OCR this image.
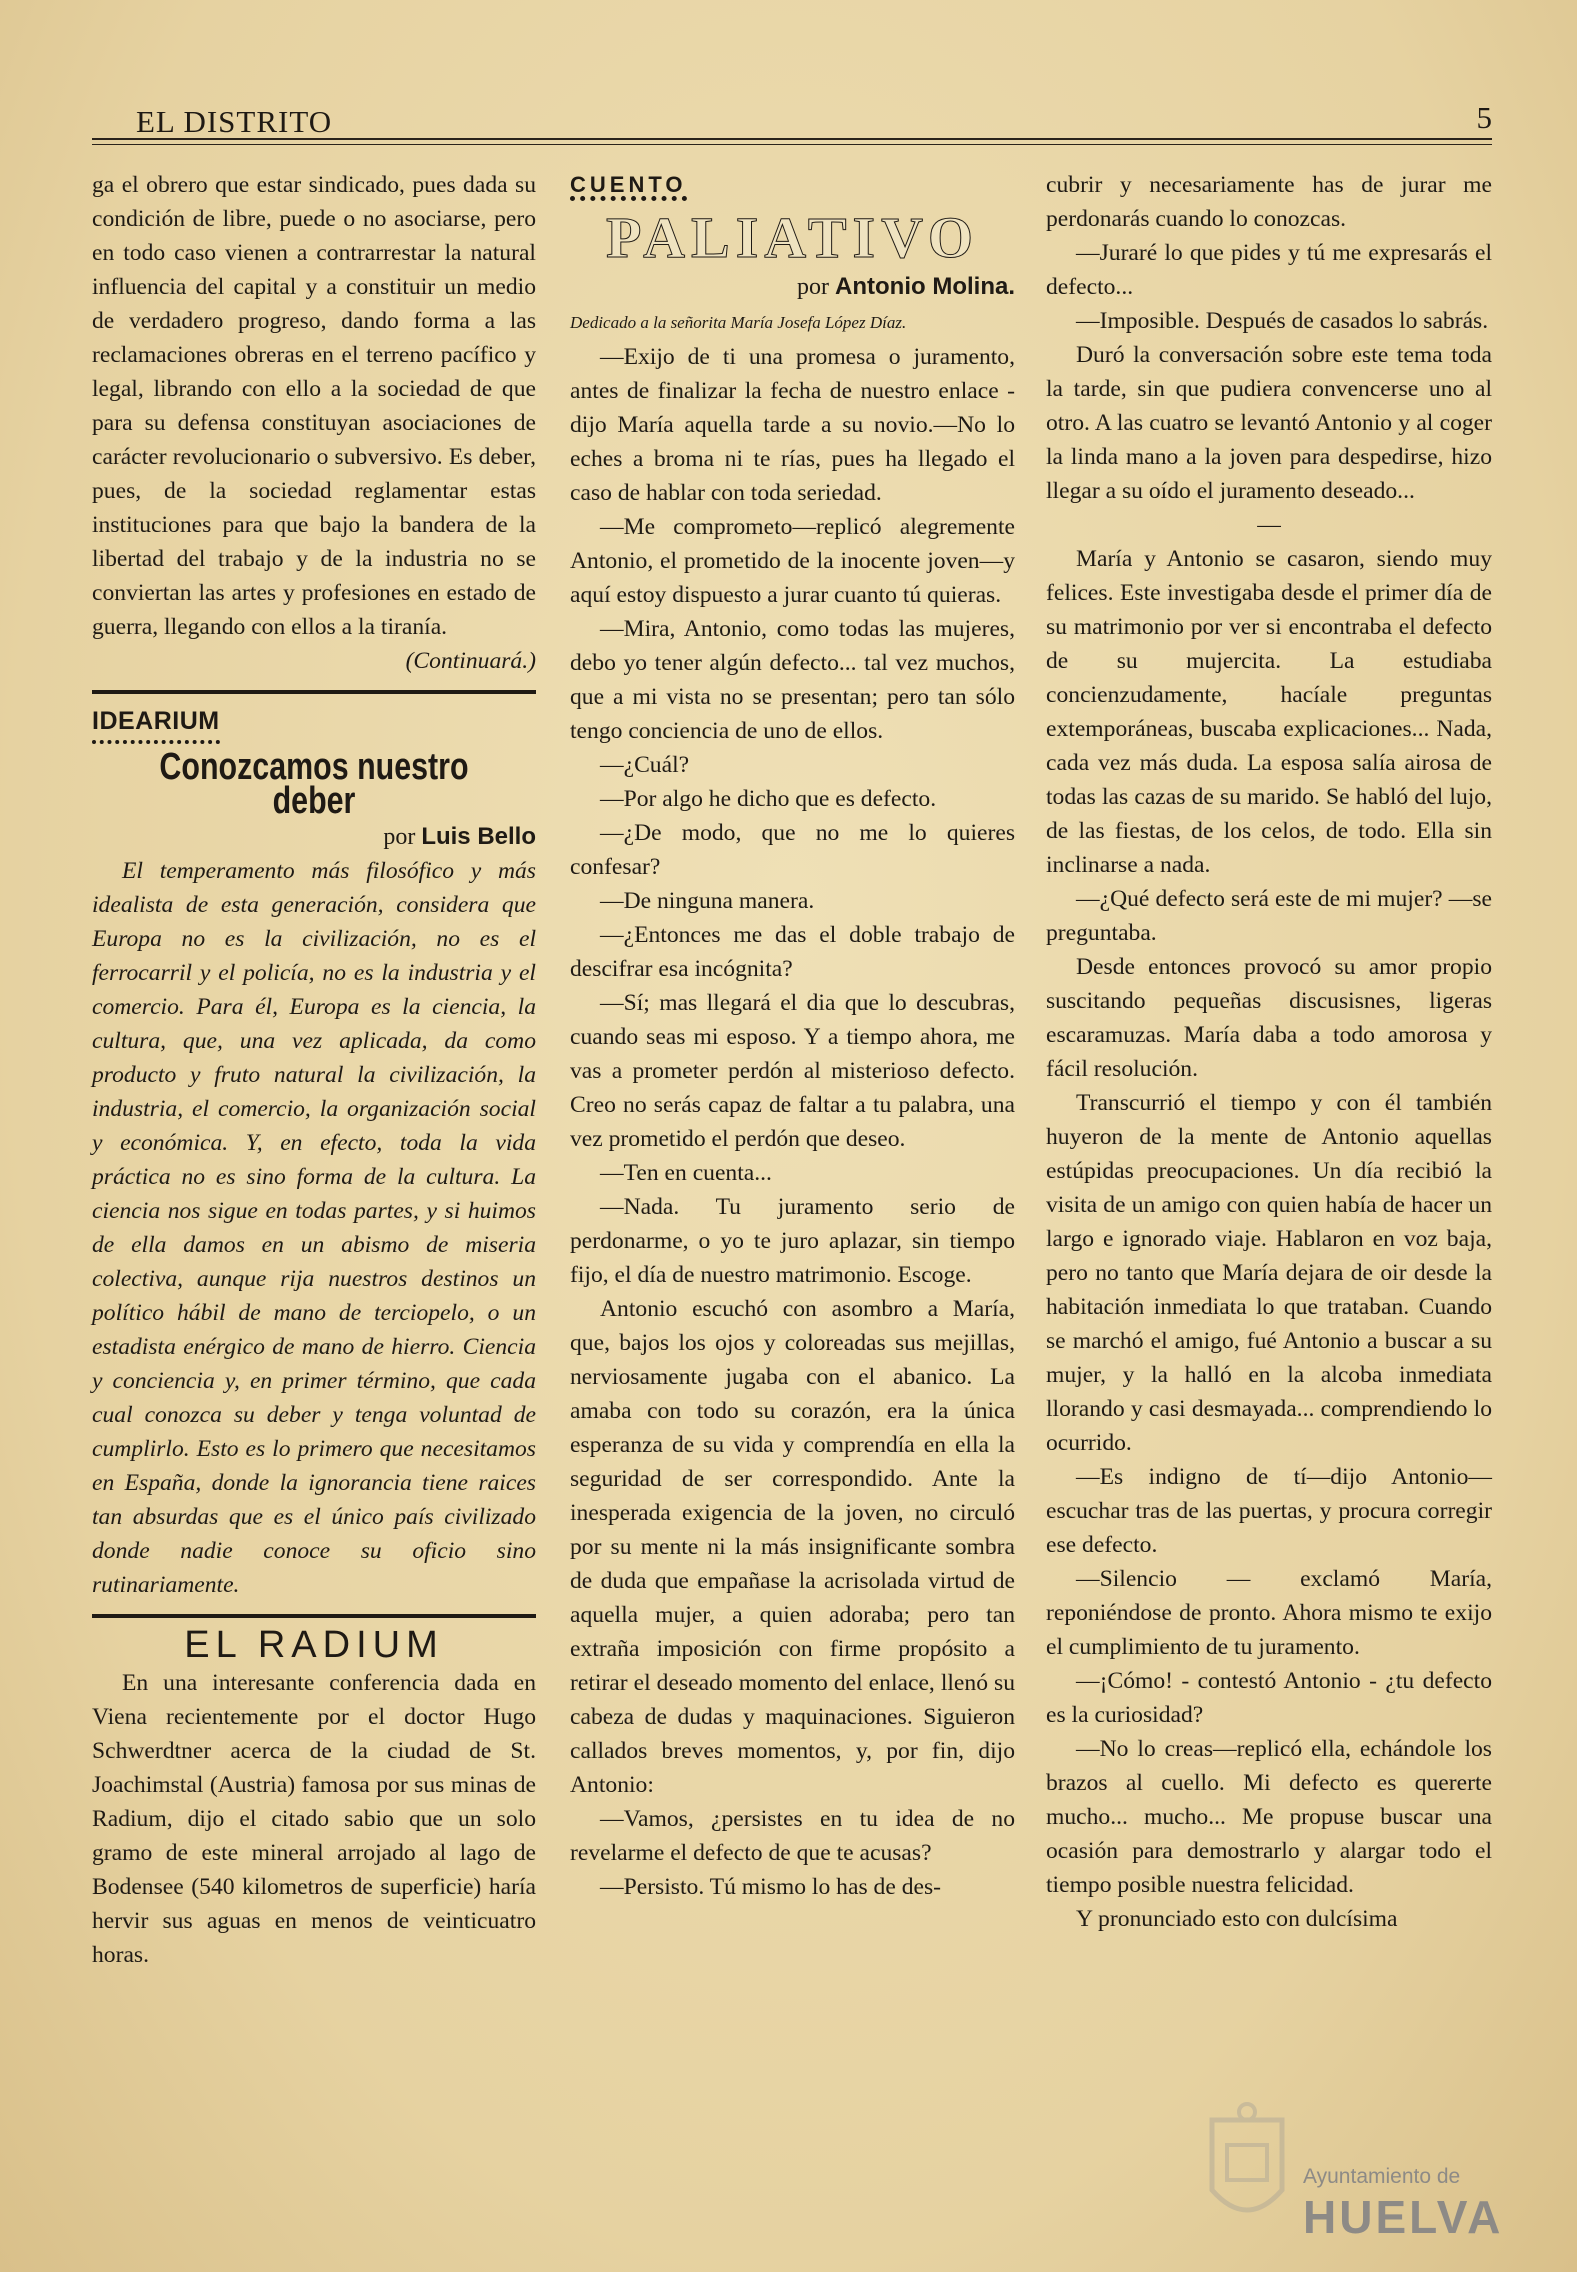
EL DISTRITO	5

ga el obrero que estar sindicado, pues dada su condición de libre, puede o no asociarse, pero en todo caso vienen a contrarrestar la natural influencia del capital y a constituir un medio de verdadero progreso, dando forma a las reclamaciones obreras en el terreno pacífico y legal, librando con ello a la sociedad de que para su defensa constituyan asociaciones de carácter revolucionario o subversivo. Es deber, pues, de la sociedad reglamentar estas instituciones para que bajo la bandera de la libertad del trabajo y de la industria no se conviertan las artes y profesiones en estado de guerra, llegando con ellos a la tiranía.

(Continuará.)

IDEARIUM
Conozcamos nuestro deber
por Luis Bello

El temperamento más filosófico y más idealista de esta generación, considera que Europa no es la civilización, no es el ferrocarril y el policía, no es la industria y el comercio. Para él, Europa es la ciencia, la cultura, que, una vez aplicada, da como producto y fruto natural la civilización, la industria, el comercio, la organización social y económica. Y, en efecto, toda la vida práctica no es sino forma de la cultura. La ciencia nos sigue en todas partes, y si huimos de ella damos en un abismo de miseria colectiva, aunque rija nuestros destinos un político hábil de mano de terciopelo, o un estadista enérgico de mano de hierro. Ciencia y conciencia y, en primer término, que cada cual conozca su deber y tenga voluntad de cumplirlo. Esto es lo primero que necesitamos en España, donde la ignorancia tiene raices tan absurdas que es el único país civilizado donde nadie conoce su oficio sino rutinariamente.

EL RADIUM

En una interesante conferencia dada en Viena recientemente por el doctor Hugo Schwerdtner acerca de la ciudad de St. Joachimstal (Austria) famosa por sus minas de Radium, dijo el citado sabio que un solo gramo de este mineral arrojado al lago de Bodensee (540 kilometros de superficie) haría hervir sus aguas en menos de veinticuatro horas.

CUENTO
PALIATIVO
por Antonio Molina.
Dedicado a la señorita María Josefa López Díaz.

—Exijo de ti una promesa o juramento, antes de finalizar la fecha de nuestro enlace - dijo María aquella tarde a su novio.—No lo eches a broma ni te rías, pues ha llegado el caso de hablar con toda seriedad.

—Me comprometo—replicó alegremente Antonio, el prometido de la inocente joven—y aquí estoy dispuesto a jurar cuanto tú quieras.

—Mira, Antonio, como todas las mujeres, debo yo tener algún defecto... tal vez muchos, que a mi vista no se presentan; pero tan sólo tengo conciencia de uno de ellos.

—¿Cuál?

—Por algo he dicho que es defecto.

—¿De modo, que no me lo quieres confesar?

—De ninguna manera.

—¿Entonces me das el doble trabajo de descifrar esa incógnita?

—Sí; mas llegará el dia que lo descubras, cuando seas mi esposo. Y a tiempo ahora, me vas a prometer perdón al misterioso defecto. Creo no serás capaz de faltar a tu palabra, una vez prometido el perdón que deseo.

—Ten en cuenta...

—Nada. Tu juramento serio de perdonarme, o yo te juro aplazar, sin tiempo fijo, el día de nuestro matrimonio. Escoge.

Antonio escuchó con asombro a María, que, bajos los ojos y coloreadas sus mejillas, nerviosamente jugaba con el abanico. La amaba con todo su corazón, era la única esperanza de su vida y comprendía en ella la seguridad de ser correspondido. Ante la inesperada exigencia de la joven, no circuló por su mente ni la más insignificante sombra de duda que empañase la acrisolada virtud de aquella mujer, a quien adoraba; pero tan extraña imposición con firme propósito a retirar el deseado momento del enlace, llenó su cabeza de dudas y maquinaciones. Siguieron callados breves momentos, y, por fin, dijo Antonio:

—Vamos, ¿persistes en tu idea de no revelarme el defecto de que te acusas?

—Persisto. Tú mismo lo has de des-

cubrir y necesariamente has de jurar me perdonarás cuando lo conozcas.

—Juraré lo que pides y tú me expresarás el defecto...

—Imposible. Después de casados lo sabrás.

Duró la conversación sobre este tema toda la tarde, sin que pudiera convencerse uno al otro. A las cuatro se levantó Antonio y al coger la linda mano a la joven para despedirse, hizo llegar a su oído el juramento deseado...

—

María y Antonio se casaron, siendo muy felices. Este investigaba desde el primer día de su matrimonio por ver si encontraba el defecto de su mujercita. La estudiaba concienzudamente, hacíale preguntas extemporáneas, buscaba explicaciones... Nada, cada vez más duda. La esposa salía airosa de todas las cazas de su marido. Se habló del lujo, de las fiestas, de los celos, de todo. Ella sin inclinarse a nada.

—¿Qué defecto será este de mi mujer? —se preguntaba.

Desde entonces provocó su amor propio suscitando pequeñas discusisnes, ligeras escaramuzas. María daba a todo amorosa y fácil resolución.

Transcurrió el tiempo y con él también huyeron de la mente de Antonio aquellas estúpidas preocupaciones. Un día recibió la visita de un amigo con quien había de hacer un largo e ignorado viaje. Hablaron en voz baja, pero no tanto que María dejara de oir desde la habitación inmediata lo que trataban. Cuando se marchó el amigo, fué Antonio a buscar a su mujer, y la halló en la alcoba inmediata llorando y casi desmayada... comprendiendo lo ocurrido.

—Es indigno de tí—dijo Antonio—escuchar tras de las puertas, y procura corregir ese defecto.

—Silencio — exclamó María, reponiéndose de pronto. Ahora mismo te exijo el cumplimiento de tu juramento.

—¡Cómo! - contestó Antonio - ¿tu defecto es la curiosidad?

—No lo creas—replicó ella, echándole los brazos al cuello. Mi defecto es quererte mucho... mucho... Me propuse buscar una ocasión para demostrarlo y alargar todo el tiempo posible nuestra felicidad.

Y pronunciado esto con dulcísima

Ayuntamiento de
HUELVA
